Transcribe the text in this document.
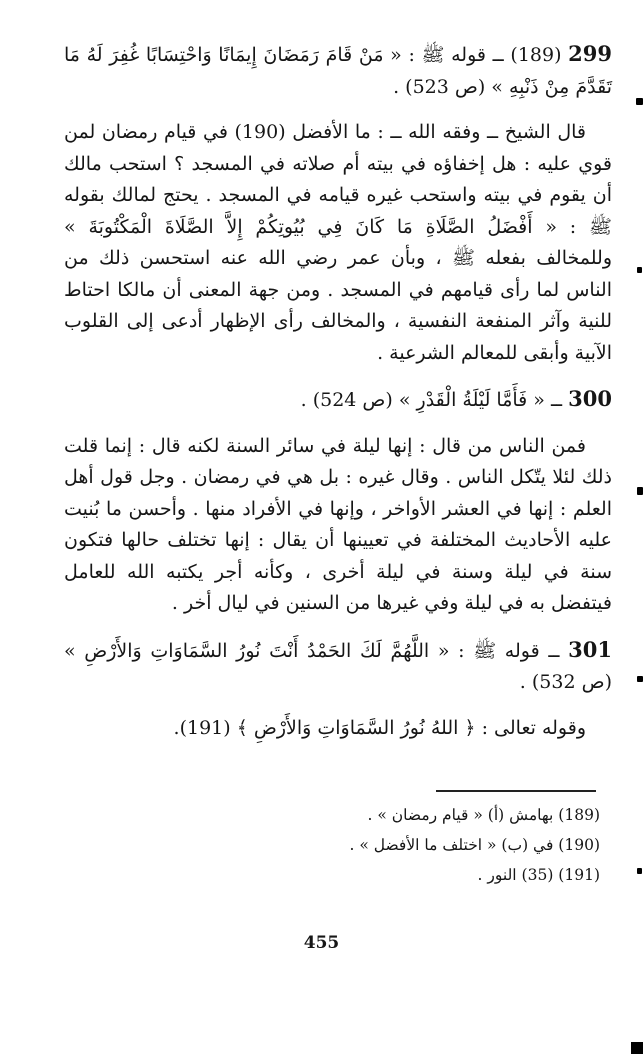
299 (189) ــ قوله ﷺ : « مَنْ قَامَ رَمَضَانَ إِيمَانًا وَاحْتِسَابًا غُفِرَ لَهُ مَا تَقَدَّمَ مِنْ ذَنْبِهِ » (ص 523) .

قال الشيخ ــ وفقه الله ــ : ما الأفضل (190) في قيام رمضان لمن قوي عليه : هل إخفاؤه في بيته أم صلاته في المسجد ؟ استحب مالك أن يقوم في بيته واستحب غيره قيامه في المسجد . يحتج لمالك بقوله ﷺ : « أَفْضَلُ الصَّلَاةِ مَا كَانَ فِي بُيُوتِكُمْ إِلاَّ الصَّلَاةَ الْمَكْتُوبَةَ » وللمخالف بفعله ﷺ ، وبأن عمر رضي الله عنه استحسن ذلك من الناس لما رأى قيامهم في المسجد . ومن جهة المعنى أن مالكا احتاط للنية وآثر المنفعة النفسية ، والمخالف رأى الإظهار أدعى إلى القلوب الآبية وأبقى للمعالم الشرعية .

300 ــ « فَأَمَّا لَيْلَةُ الْقَدْرِ » (ص 524) .

فمن الناس من قال : إنها ليلة في سائر السنة لكنه قال : إنما قلت ذلك لئلا يتّكل الناس . وقال غيره : بل هي في رمضان . وجل قول أهل العلم : إنها في العشر الأواخر ، وإنها في الأفراد منها . وأحسن ما بُنيت عليه الأحاديث المختلفة في تعيينها أن يقال : إنها تختلف حالها فتكون سنة في ليلة وسنة في ليلة أخرى ، وكأنه أجر يكتبه الله للعامل فيتفضل به في ليلة وفي غيرها من السنين في ليال أخر .

301 ــ قوله ﷺ : « اللَّهُمَّ لَكَ الحَمْدُ أَنْتَ نُورُ السَّمَاوَاتِ وَالأَرْضِ » (ص 532) .

وقوله تعالى : ﴿ اللهُ نُورُ السَّمَاوَاتِ وَالأَرْضِ ﴾ (191).

(189) بهامش (أ) « قيام رمضان » .

(190) في (ب) « اختلف ما الأفضل » .

(191) (35) النور .

455
